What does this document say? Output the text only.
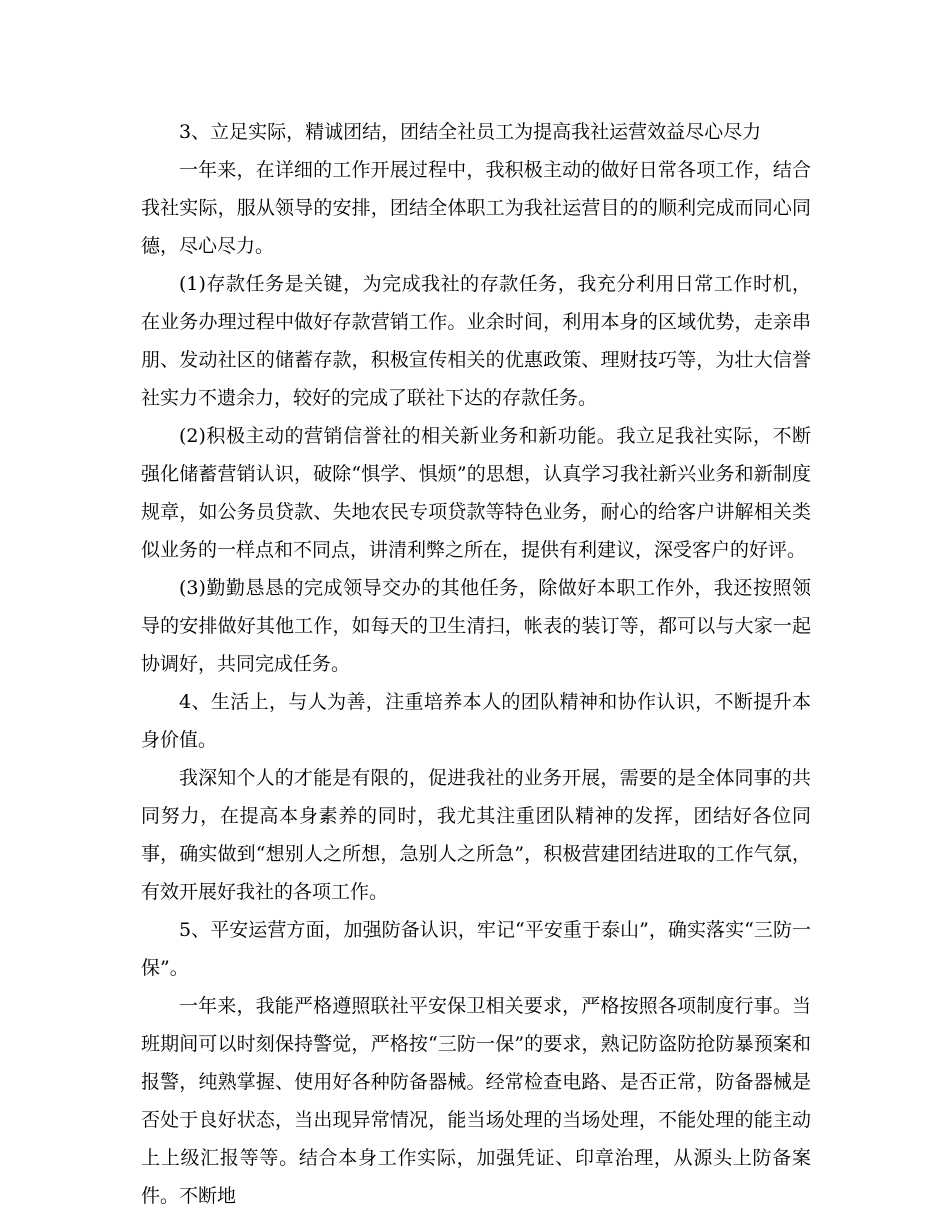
3、立足实际，精诚团结，团结全社员工为提高我社运营效益尽心尽力

一年来，在详细的工作开展过程中，我积极主动的做好日常各项工作，结合我社实际，服从领导的安排，团结全体职工为我社运营目的的顺利完成而同心同德，尽心尽力。

(1)存款任务是关键，为完成我社的存款任务，我充分利用日常工作时机，在业务办理过程中做好存款营销工作。业余时间，利用本身的区域优势，走亲串朋、发动社区的储蓄存款，积极宣传相关的优惠政策、理财技巧等，为壮大信誉社实力不遗余力，较好的完成了联社下达的存款任务。

(2)积极主动的营销信誉社的相关新业务和新功能。我立足我社实际，不断强化储蓄营销认识，破除“惧学、惧烦”的思想，认真学习我社新兴业务和新制度规章，如公务员贷款、失地农民专项贷款等特色业务，耐心的给客户讲解相关类似业务的一样点和不同点，讲清利弊之所在，提供有利建议，深受客户的好评。

(3)勤勤恳恳的完成领导交办的其他任务，除做好本职工作外，我还按照领导的安排做好其他工作，如每天的卫生清扫，帐表的装订等，都可以与大家一起协调好，共同完成任务。

4、生活上，与人为善，注重培养本人的团队精神和协作认识，不断提升本身价值。

我深知个人的才能是有限的，促进我社的业务开展，需要的是全体同事的共同努力，在提高本身素养的同时，我尤其注重团队精神的发挥，团结好各位同事，确实做到“想别人之所想，急别人之所急”，积极营建团结进取的工作气氛，有效开展好我社的各项工作。

5、平安运营方面，加强防备认识，牢记“平安重于泰山”，确实落实“三防一保”。

一年来，我能严格遵照联社平安保卫相关要求，严格按照各项制度行事。当班期间可以时刻保持警觉，严格按“三防一保”的要求，熟记防盗防抢防暴预案和报警，纯熟掌握、使用好各种防备器械。经常检查电路、是否正常，防备器械是否处于良好状态，当出现异常情况，能当场处理的当场处理，不能处理的能主动上上级汇报等等。结合本身工作实际，加强凭证、印章治理，从源头上防备案件。不断地
